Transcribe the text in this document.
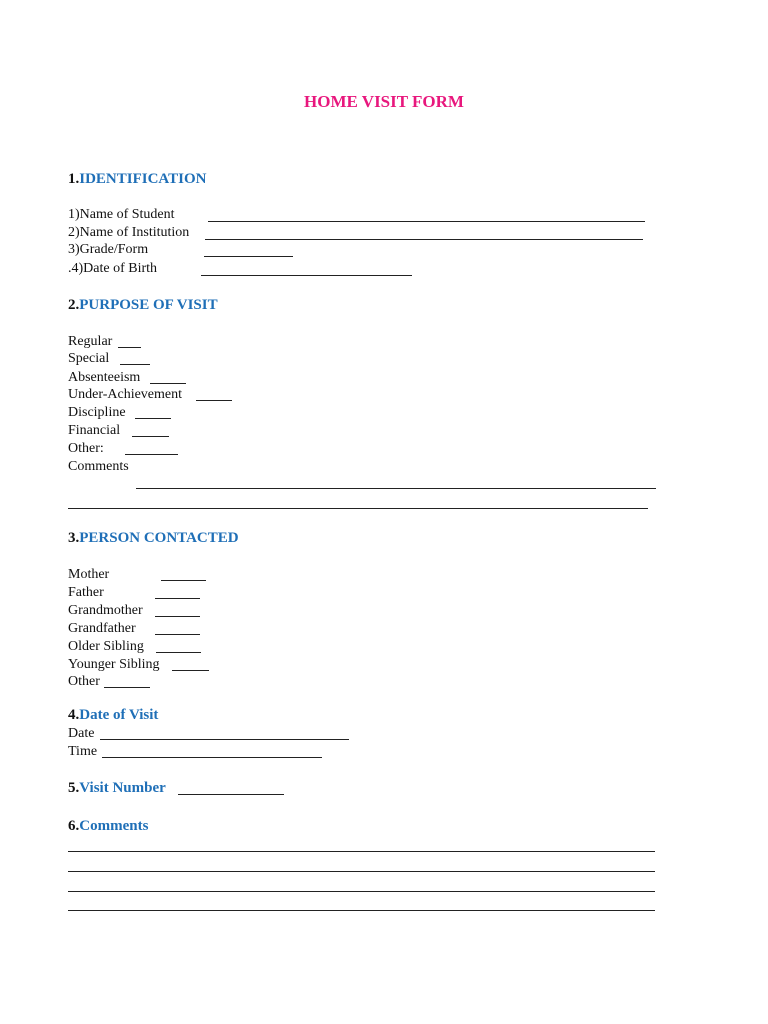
HOME VISIT FORM
1.IDENTIFICATION
1)Name of Student
2)Name of Institution
3)Grade/Form
.4)Date of Birth
2.PURPOSE OF VISIT
Regular
Special
Absenteeism
Under-Achievement
Discipline
Financial
Other:
Comments
3.PERSON CONTACTED
Mother
Father
Grandmother
Grandfather
Older Sibling
Younger Sibling
Other
4.Date of Visit
Date
Time
5.Visit Number
6.Comments
